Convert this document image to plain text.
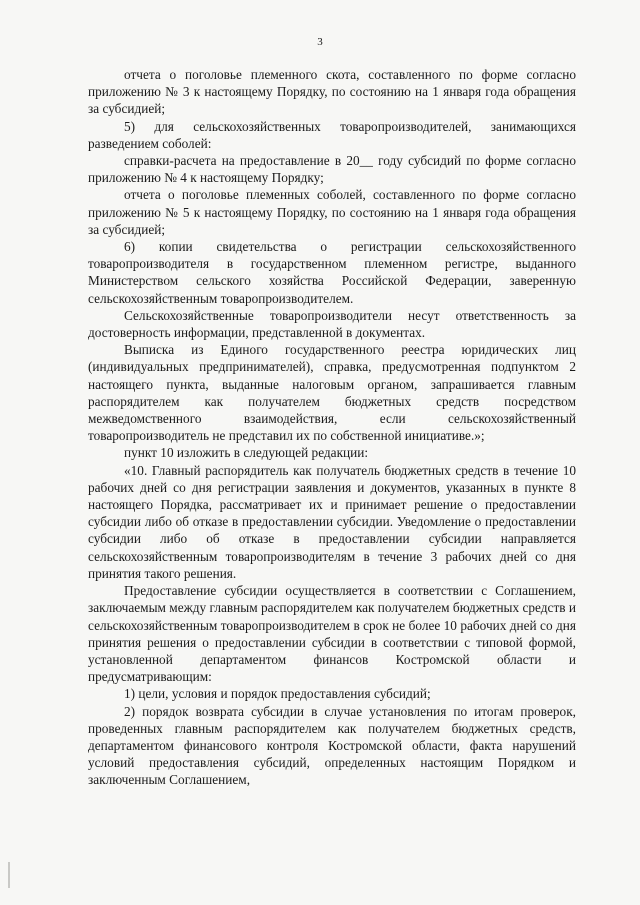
3

отчета о поголовье племенного скота, составленного по форме согласно приложению № 3 к настоящему Порядку, по состоянию на 1 января года обращения за субсидией;

5) для сельскохозяйственных товаропроизводителей, занимающихся разведением соболей:

справки-расчета на предоставление в 20__ году субсидий по форме согласно приложению № 4 к настоящему Порядку;

отчета о поголовье племенных соболей, составленного по форме согласно приложению № 5 к настоящему Порядку, по состоянию на 1 января года обращения за субсидией;

6) копии свидетельства о регистрации сельскохозяйственного товаропроизводителя в государственном племенном регистре, выданного Министерством сельского хозяйства Российской Федерации, заверенную сельскохозяйственным товаропроизводителем.

Сельскохозяйственные товаропроизводители несут ответственность за достоверность информации, представленной в документах.

Выписка из Единого государственного реестра юридических лиц (индивидуальных предпринимателей), справка, предусмотренная подпунктом 2 настоящего пункта, выданные налоговым органом, запрашивается главным распорядителем как получателем бюджетных средств посредством межведомственного взаимодействия, если сельскохозяйственный товаропроизводитель не представил их по собственной инициативе.»;

пункт 10 изложить в следующей редакции:

«10. Главный распорядитель как получатель бюджетных средств в течение 10 рабочих дней со дня регистрации заявления и документов, указанных в пункте 8 настоящего Порядка, рассматривает их и принимает решение о предоставлении субсидии либо об отказе в предоставлении субсидии. Уведомление о предоставлении субсидии либо об отказе в предоставлении субсидии направляется сельскохозяйственным товаропроизводителям в течение 3 рабочих дней со дня принятия такого решения.

Предоставление субсидии осуществляется в соответствии с Соглашением, заключаемым между главным распорядителем как получателем бюджетных средств и сельскохозяйственным товаропроизводителем в срок не более 10 рабочих дней со дня принятия решения о предоставлении субсидии в соответствии с типовой формой, установленной департаментом финансов Костромской области и предусматривающим:

1) цели, условия и порядок предоставления субсидий;

2) порядок возврата субсидии в случае установления по итогам проверок, проведенных главным распорядителем как получателем бюджетных средств, департаментом финансового контроля Костромской области, факта нарушений условий предоставления субсидий, определенных настоящим Порядком и заключенным Соглашением,
